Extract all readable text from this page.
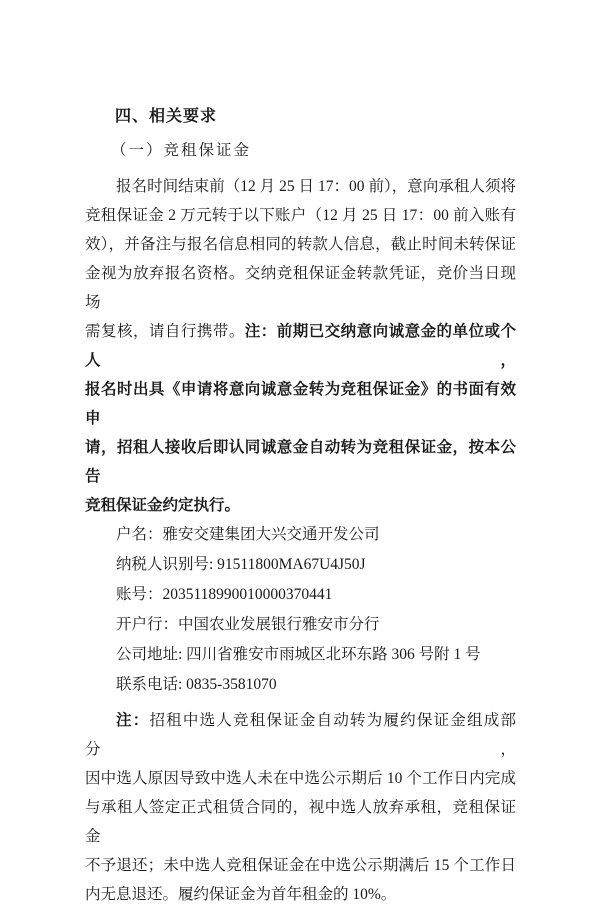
四、相关要求
（一）竞租保证金
报名时间结束前（12 月 25 日 17：00 前），意向承租人须将
竞租保证金 2 万元转于以下账户（12 月 25 日 17：00 前入账有
效），并备注与报名信息相同的转款人信息，截止时间未转保证
金视为放弃报名资格。交纳竞租保证金转款凭证，竞价当日现场
需复核，请自行携带。注：前期已交纳意向诚意金的单位或个人，
报名时出具《申请将意向诚意金转为竞租保证金》的书面有效申
请，招租人接收后即认同诚意金自动转为竞租保证金，按本公告
竞租保证金约定执行。
户名：雅安交建集团大兴交通开发公司
纳税人识别号: 91511800MA67U4J50J
账号：2035118990010000370441
开户行：中国农业发展银行雅安市分行
公司地址: 四川省雅安市雨城区北环东路 306 号附 1 号
联系电话: 0835-3581070
注：招租中选人竞租保证金自动转为履约保证金组成部分，
因中选人原因导致中选人未在中选公示期后 10 个工作日内完成
与承租人签定正式租赁合同的，视中选人放弃承租，竞租保证金
不予退还；未中选人竞租保证金在中选公示期满后 15 个工作日
内无息退还。履约保证金为首年租金的 10%。
